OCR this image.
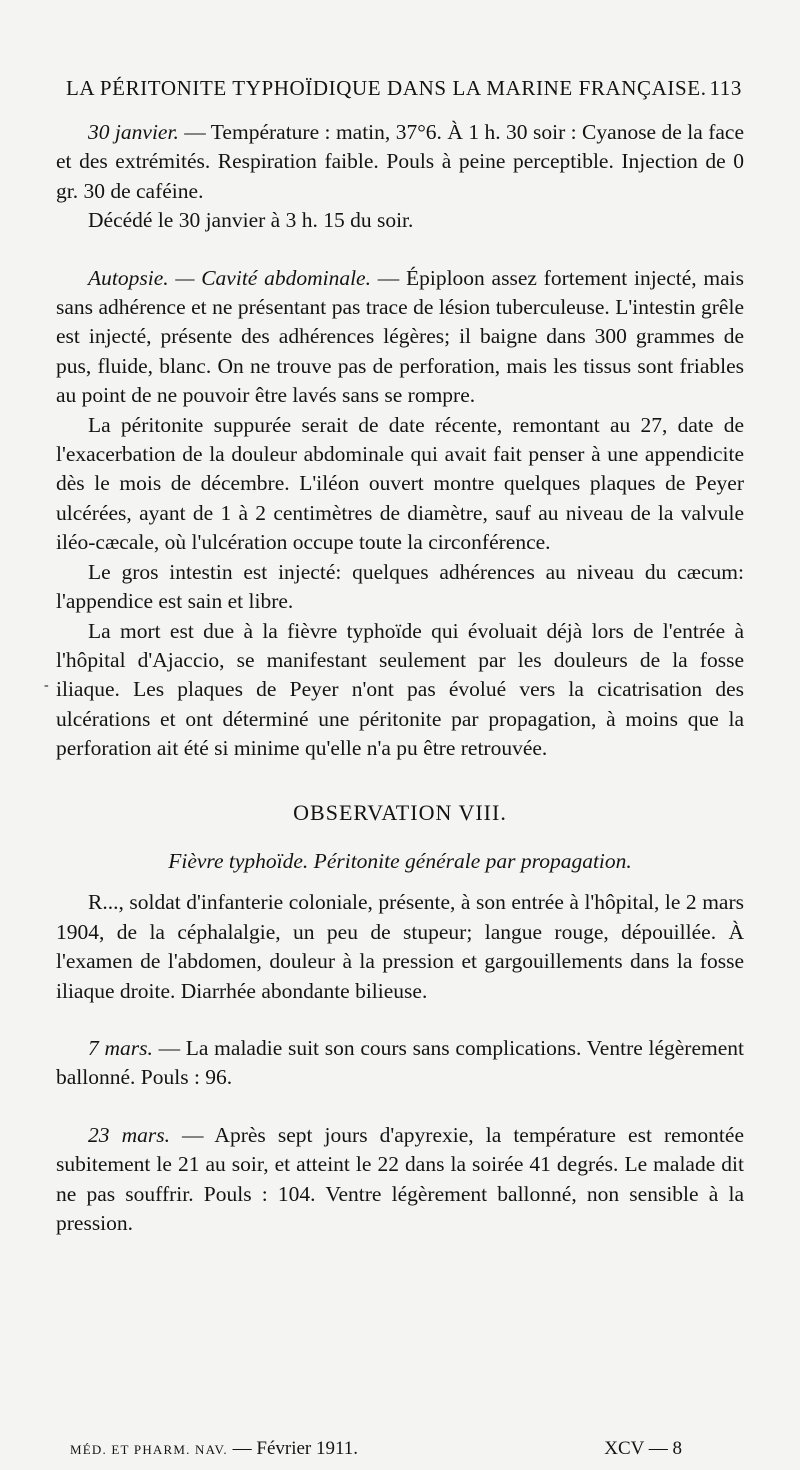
LA PÉRITONITE TYPHOÏDIQUE DANS LA MARINE FRANÇAISE. 113

30 janvier. — Température : matin, 37°6. À 1 h. 30 soir : Cyanose de la face et des extrémités. Respiration faible. Pouls à peine perceptible. Injection de 0 gr. 30 de caféine.

Décédé le 30 janvier à 3 h. 15 du soir.

Autopsie. — Cavité abdominale. — Épiploon assez fortement injecté, mais sans adhérence et ne présentant pas trace de lésion tuberculeuse. L'intestin grêle est injecté, présente des adhérences légères; il baigne dans 300 grammes de pus, fluide, blanc. On ne trouve pas de perforation, mais les tissus sont friables au point de ne pouvoir être lavés sans se rompre.

La péritonite suppurée serait de date récente, remontant au 27, date de l'exacerbation de la douleur abdominale qui avait fait penser à une appendicite dès le mois de décembre. L'iléon ouvert montre quelques plaques de Peyer ulcérées, ayant de 1 à 2 centimètres de diamètre, sauf au niveau de la valvule iléo-cæcale, où l'ulcération occupe toute la circonférence.

Le gros intestin est injecté: quelques adhérences au niveau du cæcum: l'appendice est sain et libre.

La mort est due à la fièvre typhoïde qui évoluait déjà lors de l'entrée à l'hôpital d'Ajaccio, se manifestant seulement par les douleurs de la fosse iliaque. Les plaques de Peyer n'ont pas évolué vers la cicatrisation des ulcérations et ont déterminé une péritonite par propagation, à moins que la perforation ait été si minime qu'elle n'a pu être retrouvée.

OBSERVATION VIII.

Fièvre typhoïde. Péritonite générale par propagation.

R..., soldat d'infanterie coloniale, présente, à son entrée à l'hôpital, le 2 mars 1904, de la céphalalgie, un peu de stupeur; langue rouge, dépouillée. À l'examen de l'abdomen, douleur à la pression et gargouillements dans la fosse iliaque droite. Diarrhée abondante bilieuse.

7 mars. — La maladie suit son cours sans complications. Ventre légèrement ballonné. Pouls : 96.

23 mars. — Après sept jours d'apyrexie, la température est remontée subitement le 21 au soir, et atteint le 22 dans la soirée 41 degrés. Le malade dit ne pas souffrir. Pouls : 104. Ventre légèrement ballonné, non sensible à la pression.

-
MÉD. ET PHARM. NAV. — Février 1911.	XCV — 8
